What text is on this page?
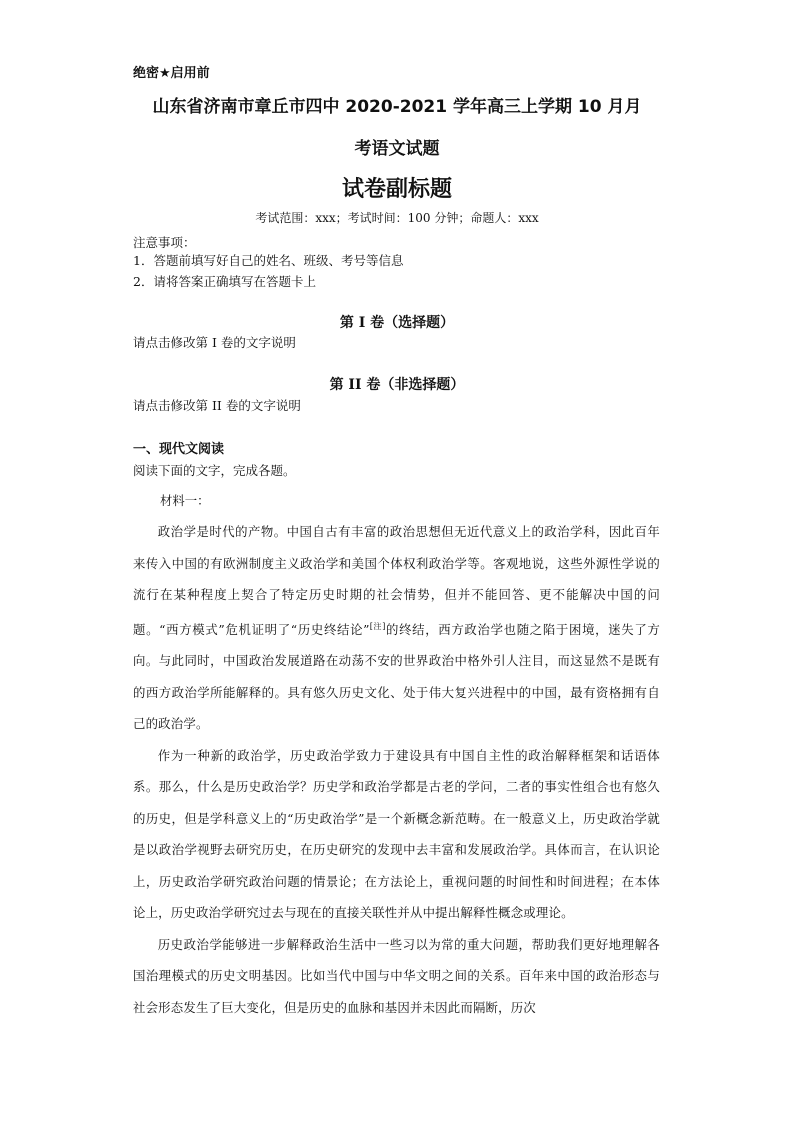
绝密★启用前
山东省济南市章丘市四中 2020-2021 学年高三上学期 10 月月
考语文试题
试卷副标题
考试范围：xxx；考试时间：100 分钟；命题人：xxx
注意事项：
1．答题前填写好自己的姓名、班级、考号等信息
2．请将答案正确填写在答题卡上
第 I 卷（选择题）
请点击修改第 I 卷的文字说明
第 II 卷（非选择题）
请点击修改第 II 卷的文字说明
一、现代文阅读
阅读下面的文字，完成各题。
材料一：

政治学是时代的产物。中国自古有丰富的政治思想但无近代意义上的政治学科，因此百年来传入中国的有欧洲制度主义政治学和美国个体权利政治学等。客观地说，这些外源性学说的流行在某种程度上契合了特定历史时期的社会情势，但并不能回答、更不能解决中国的问题。“西方模式”危机证明了“历史终结论”[注]的终结，西方政治学也随之陷于困境，迷失了方向。与此同时，中国政治发展道路在动荡不安的世界政治中格外引人注目，而这显然不是既有的西方政治学所能解释的。具有悠久历史文化、处于伟大复兴进程中的中国，最有资格拥有自己的政治学。

作为一种新的政治学，历史政治学致力于建设具有中国自主性的政治解释框架和话语体系。那么，什么是历史政治学？历史学和政治学都是古老的学问，二者的事实性组合也有悠久的历史，但是学科意义上的“历史政治学”是一个新概念新范畴。在一般意义上，历史政治学就是以政治学视野去研究历史，在历史研究的发现中去丰富和发展政治学。具体而言，在认识论上，历史政治学研究政治问题的情景论；在方法论上，重视问题的时间性和时间进程；在本体论上，历史政治学研究过去与现在的直接关联性并从中提出解释性概念或理论。

历史政治学能够进一步解释政治生活中一些习以为常的重大问题，帮助我们更好地理解各国治理模式的历史文明基因。比如当代中国与中华文明之间的关系。百年来中国的政治形态与社会形态发生了巨大变化，但是历史的血脉和基因并未因此而隔断，历次
